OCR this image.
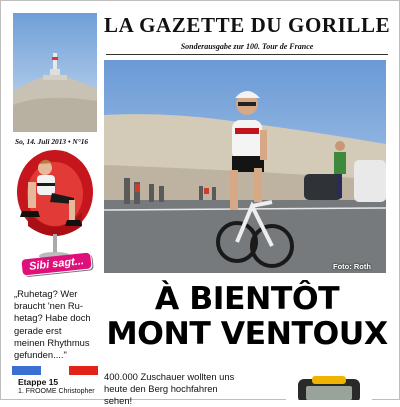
LA GAZETTE DU GORILLE
Sonderausgabe zur 100. Tour de France
So, 14. Juli 2013 • N°16
Sibi sagt...	Foto: Roth
„Ruhetag? Wer
braucht 'nen Ru-
hetag? Habe doch
gerade erst
meinen Rhythmus
gefunden...."
Etappe 15
1. FROOME Christopher
À BIENTÔT
MONT VENTOUX
400.000 Zuschauer wollten uns
heute den Berg hochfahren
sehen!
